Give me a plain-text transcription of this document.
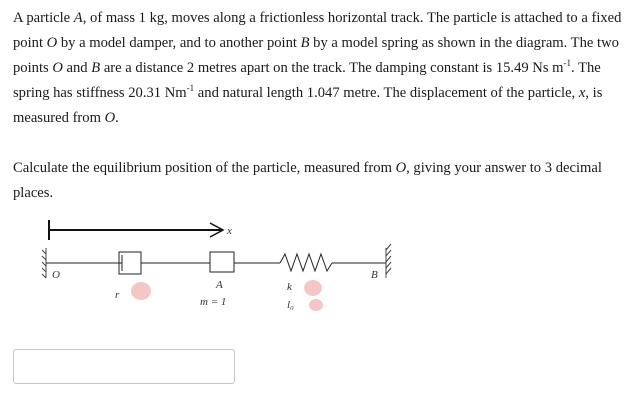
A particle A, of mass 1 kg, moves along a frictionless horizontal track. The particle is attached to a fixed point O by a model damper, and to another point B by a model spring as shown in the diagram. The two points O and B are a distance 2 metres apart on the track. The damping constant is 15.49 Ns $m^{-1}$. The spring has stiffness 20.31 $Nm^{-1}$ and natural length 1.047 metre. The displacement of the particle, x, is measured from O.

Calculate the equilibrium position of the particle, measured from O, giving your answer to 3 decimal places.

x
O
r
A
m = 1
k
l₀
B
